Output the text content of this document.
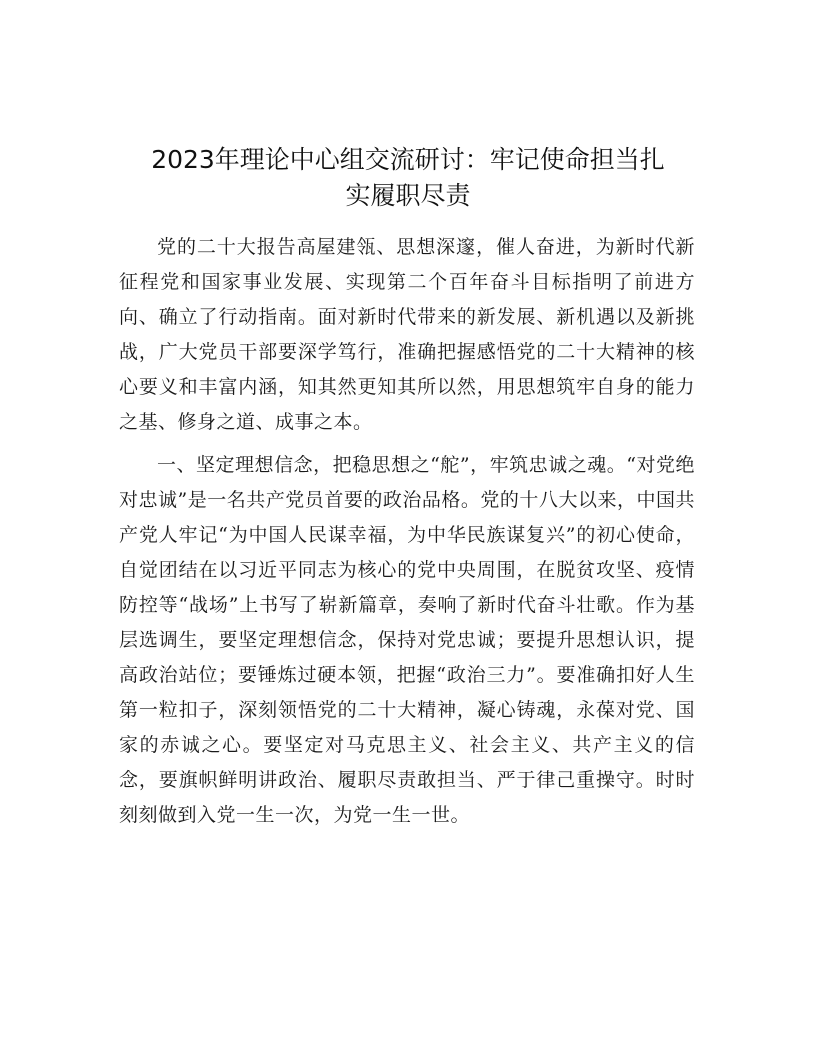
2023年理论中心组交流研讨：牢记使命担当扎
实履职尽责

党的二十大报告高屋建瓴、思想深邃，催人奋进，为新时代新征程党和国家事业发展、实现第二个百年奋斗目标指明了前进方向、确立了行动指南。面对新时代带来的新发展、新机遇以及新挑战，广大党员干部要深学笃行，准确把握感悟党的二十大精神的核心要义和丰富内涵，知其然更知其所以然，用思想筑牢自身的能力之基、修身之道、成事之本。

一、坚定理想信念，把稳思想之“舵”，牢筑忠诚之魂。“对党绝对忠诚”是一名共产党员首要的政治品格。党的十八大以来，中国共产党人牢记“为中国人民谋幸福，为中华民族谋复兴”的初心使命，自觉团结在以习近平同志为核心的党中央周围，在脱贫攻坚、疫情防控等“战场”上书写了崭新篇章，奏响了新时代奋斗壮歌。作为基层选调生，要坚定理想信念，保持对党忠诚；要提升思想认识，提高政治站位；要锤炼过硬本领，把握“政治三力”。要准确扣好人生第一粒扣子，深刻领悟党的二十大精神，凝心铸魂，永葆对党、国家的赤诚之心。要坚定对马克思主义、社会主义、共产主义的信念，要旗帜鲜明讲政治、履职尽责敢担当、严于律己重操守。时时刻刻做到入党一生一次，为党一生一世。
